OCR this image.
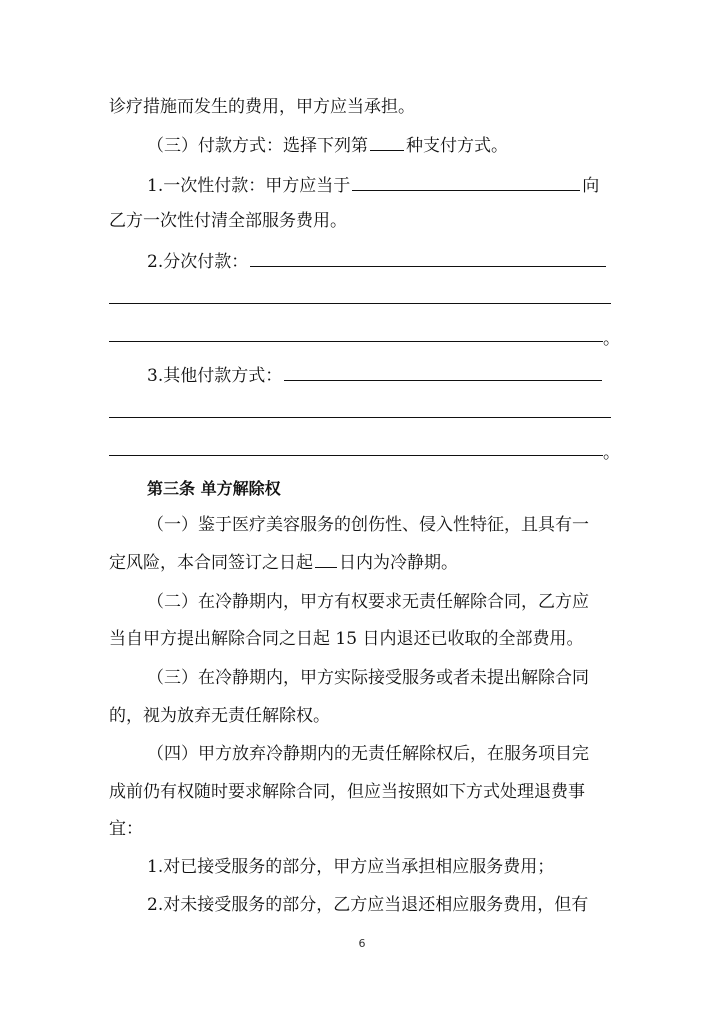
诊疗措施而发生的费用，甲方应当承担。
（三）付款方式：选择下列第 种支付方式。
1.一次性付款：甲方应当于	向
乙方一次性付清全部服务费用。
2.分次付款：
。
3.其他付款方式：
。
第三条 单方解除权
（一）鉴于医疗美容服务的创伤性、侵入性特征，且具有一
定风险，本合同签订之日起 日内为冷静期。
（二）在冷静期内，甲方有权要求无责任解除合同，乙方应
当自甲方提出解除合同之日起 15 日内退还已收取的全部费用。
（三）在冷静期内，甲方实际接受服务或者未提出解除合同
的，视为放弃无责任解除权。
（四）甲方放弃冷静期内的无责任解除权后，在服务项目完
成前仍有权随时要求解除合同，但应当按照如下方式处理退费事
宜：
1.对已接受服务的部分，甲方应当承担相应服务费用；
2.对未接受服务的部分，乙方应当退还相应服务费用，但有
6
